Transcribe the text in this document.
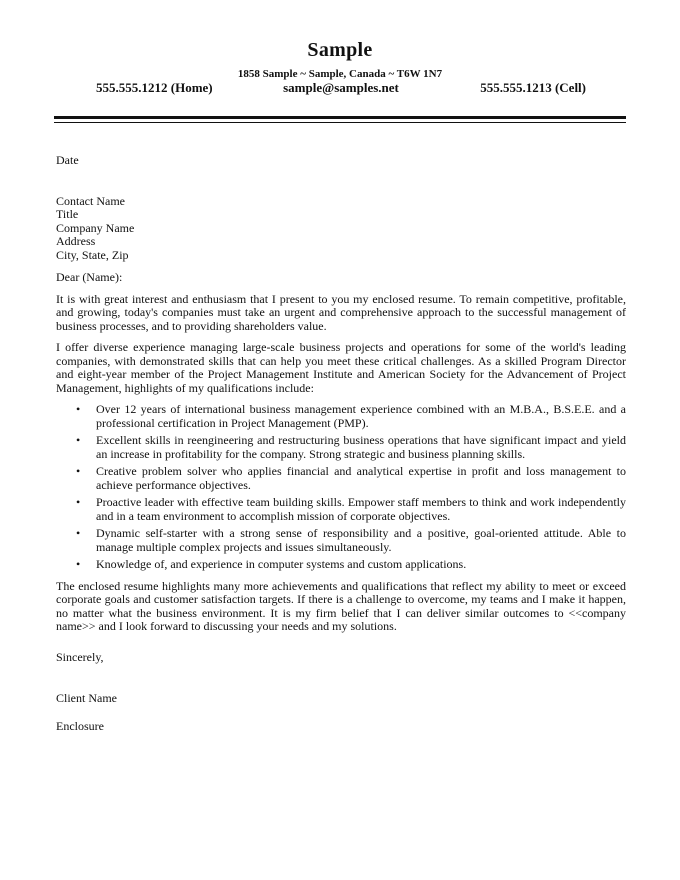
Sample
1858 Sample ~ Sample, Canada ~ T6W 1N7
555.555.1212 (Home)	sample@samples.net	555.555.1213 (Cell)

Date

Contact Name

Title

Company Name

Address

City, State, Zip

Dear (Name):

It is with great interest and enthusiasm that I present to you my enclosed resume. To remain competitive, profitable, and growing, today's companies must take an urgent and comprehensive approach to the successful management of business processes, and to providing shareholders value.

I offer diverse experience managing large-scale business projects and operations for some of the world's leading companies, with demonstrated skills that can help you meet these critical challenges. As a skilled Program Director and eight-year member of the Project Management Institute and American Society for the Advancement of Project Management, highlights of my qualifications include:

• Over 12 years of international business management experience combined with an M.B.A., B.S.E.E. and a professional certification in Project Management (PMP).
• Excellent skills in reengineering and restructuring business operations that have significant impact and yield an increase in profitability for the company. Strong strategic and business planning skills.
• Creative problem solver who applies financial and analytical expertise in profit and loss management to achieve performance objectives.
• Proactive leader with effective team building skills. Empower staff members to think and work independently and in a team environment to accomplish mission of corporate objectives.
• Dynamic self-starter with a strong sense of responsibility and a positive, goal-oriented attitude. Able to manage multiple complex projects and issues simultaneously.
• Knowledge of, and experience in computer systems and custom applications.

The enclosed resume highlights many more achievements and qualifications that reflect my ability to meet or exceed corporate goals and customer satisfaction targets. If there is a challenge to overcome, my teams and I make it happen, no matter what the business environment. It is my firm belief that I can deliver similar outcomes to <<company name>> and I look forward to discussing your needs and my solutions.

Sincerely,

Client Name

Enclosure
